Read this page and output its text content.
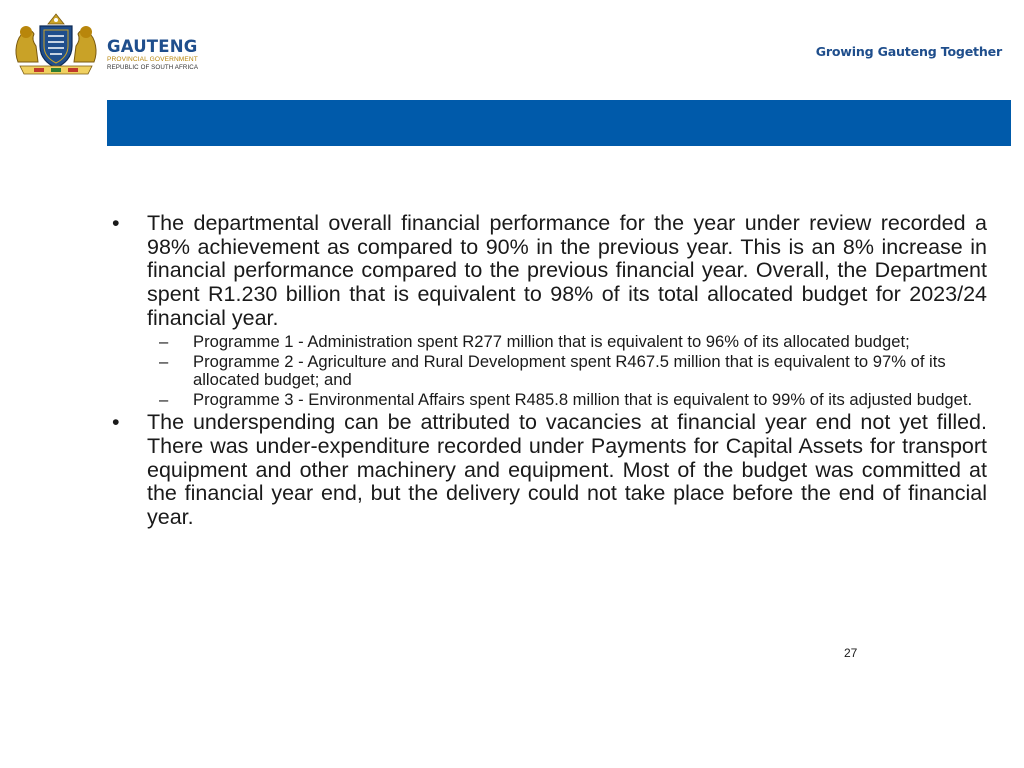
GAUTENG
PROVINCIAL GOVERNMENT
REPUBLIC OF SOUTH AFRICA
Growing Gauteng Together
• The departmental overall financial performance for the year under review recorded a 98% achievement as compared to 90% in the previous year. This is an 8% increase in financial performance compared to the previous financial year. Overall, the Department spent R1.230 billion that is equivalent to 98% of its total allocated budget for 2023/24 financial year.
– Programme 1 - Administration spent R277 million that is equivalent to 96% of its allocated budget;
– Programme 2 - Agriculture and Rural Development spent R467.5 million that is equivalent to 97% of its allocated budget; and
– Programme 3 - Environmental Affairs spent R485.8 million that is equivalent to 99% of its adjusted budget.
• The underspending can be attributed to vacancies at financial year end not yet filled. There was under-expenditure recorded under Payments for Capital Assets for transport equipment and other machinery and equipment. Most of the budget was committed at the financial year end, but the delivery could not take place before the end of financial year.
27
